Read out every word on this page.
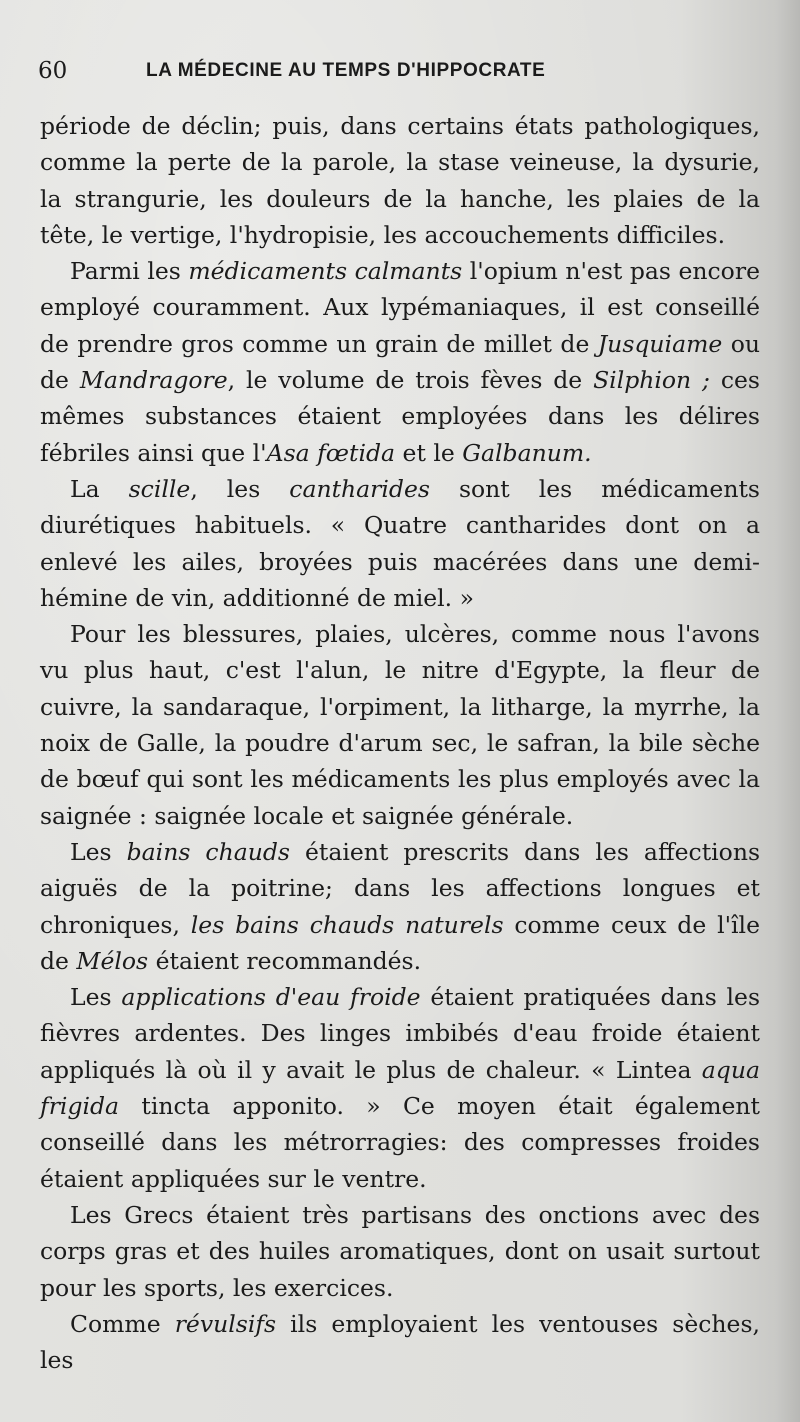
60	LA MÉDECINE AU TEMPS D'HIPPOCRATE

période de déclin; puis, dans certains états pathologiques, comme la perte de la parole, la stase veineuse, la dysurie, la strangurie, les douleurs de la hanche, les plaies de la tête, le vertige, l'hydropisie, les accouchements difficiles.

Parmi les médicaments calmants l'opium n'est pas encore employé couramment. Aux lypémaniaques, il est conseillé de prendre gros comme un grain de millet de Jusquiame ou de Mandragore, le volume de trois fèves de Silphion ; ces mêmes substances étaient employées dans les délires fébriles ainsi que l'Asa fœtida et le Galbanum.

La scille, les cantharides sont les médicaments diurétiques habituels. « Quatre cantharides dont on a enlevé les ailes, broyées puis macérées dans une demi-hémine de vin, additionné de miel. »

Pour les blessures, plaies, ulcères, comme nous l'avons vu plus haut, c'est l'alun, le nitre d'Egypte, la fleur de cuivre, la sandaraque, l'orpiment, la litharge, la myrrhe, la noix de Galle, la poudre d'arum sec, le safran, la bile sèche de bœuf qui sont les médicaments les plus employés avec la saignée : saignée locale et saignée générale.

Les bains chauds étaient prescrits dans les affections aiguës de la poitrine; dans les affections longues et chroniques, les bains chauds naturels comme ceux de l'île de Mélos étaient recommandés.

Les applications d'eau froide étaient pratiquées dans les fièvres ardentes. Des linges imbibés d'eau froide étaient appliqués là où il y avait le plus de chaleur. « Lintea aqua frigida tincta apponito. » Ce moyen était également conseillé dans les métrorragies: des compresses froides étaient appliquées sur le ventre.

Les Grecs étaient très partisans des onctions avec des corps gras et des huiles aromatiques, dont on usait surtout pour les sports, les exercices.

Comme révulsifs ils employaient les ventouses sèches, les
